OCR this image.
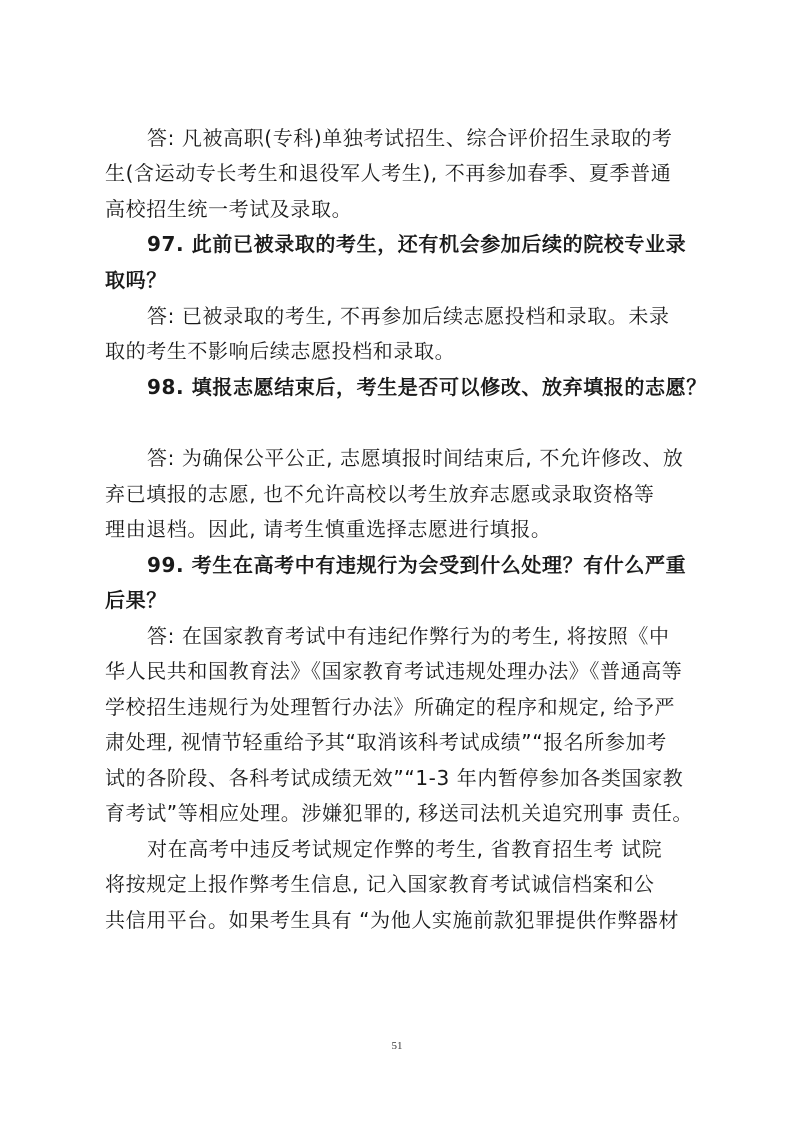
答: 凡被高职(专科)单独考试招生、综合评价招生录取的考
生(含运动专长考生和退役军人考生), 不再参加春季、夏季普通
高校招生统一考试及录取。
97. 此前已被录取的考生，还有机会参加后续的院校专业录
取吗？
答: 已被录取的考生, 不再参加后续志愿投档和录取。未录
取的考生不影响后续志愿投档和录取。
98. 填报志愿结束后，考生是否可以修改、放弃填报的志愿？
答: 为确保公平公正, 志愿填报时间结束后, 不允许修改、放
弃已填报的志愿, 也不允许高校以考生放弃志愿或录取资格等
理由退档。因此, 请考生慎重选择志愿进行填报。
99. 考生在高考中有违规行为会受到什么处理？有什么严重
后果？
答: 在国家教育考试中有违纪作弊行为的考生, 将按照《中
华人民共和国教育法》《国家教育考试违规处理办法》《普通高等
学校招生违规行为处理暂行办法》所确定的程序和规定, 给予严
肃处理, 视情节轻重给予其“取消该科考试成绩”“报名所参加考
试的各阶段、各科考试成绩无效”“1-3 年内暂停参加各类国家教
育考试”等相应处理。涉嫌犯罪的, 移送司法机关追究刑事 责任。
对在高考中违反考试规定作弊的考生, 省教育招生考 试院
将按规定上报作弊考生信息, 记入国家教育考试诚信档案和公
共信用平台。如果考生具有 “为他人实施前款犯罪提供作弊器材
51
